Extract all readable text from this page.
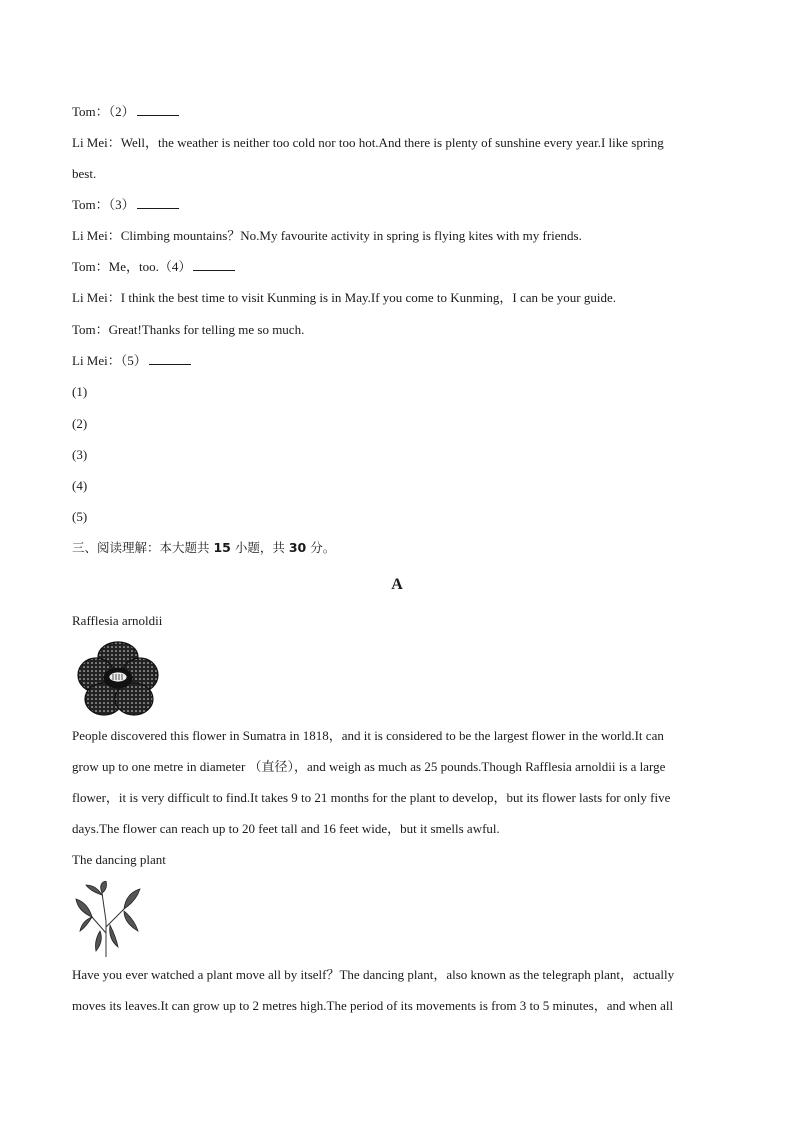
Tom：（2）
Li Mei：Well，the weather is neither too cold nor too hot.And there is plenty of sunshine every year.I like spring
best.
Tom：（3）
Li Mei：Climbing mountains？No.My favourite activity in spring is flying kites with my friends.
Tom：Me，too.（4）
Li Mei：I think the best time to visit Kunming is in May.If you come to Kunming，I can be your guide.
Tom：Great!Thanks for telling me so much.
Li Mei：（5）
(1)
(2)
(3)
(4)
(5)
三、阅读理解：本大题共 15 小题，共 30 分。
A
Rafflesia arnoldii
People discovered this flower in Sumatra in 1818，and it is considered to be the largest flower in the world.It can
grow up to one metre in diameter （直径），and weigh as much as 25 pounds.Though Rafflesia arnoldii is a large
flower，it is very difficult to find.It takes 9 to 21 months for the plant to develop，but its flower lasts for only five
days.The flower can reach up to 20 feet tall and 16 feet wide，but it smells awful.
The dancing plant
Have you ever watched a plant move all by itself？The dancing plant，also known as the telegraph plant，actually
moves its leaves.It can grow up to 2 metres high.The period of its movements is from 3 to 5 minutes，and when all
